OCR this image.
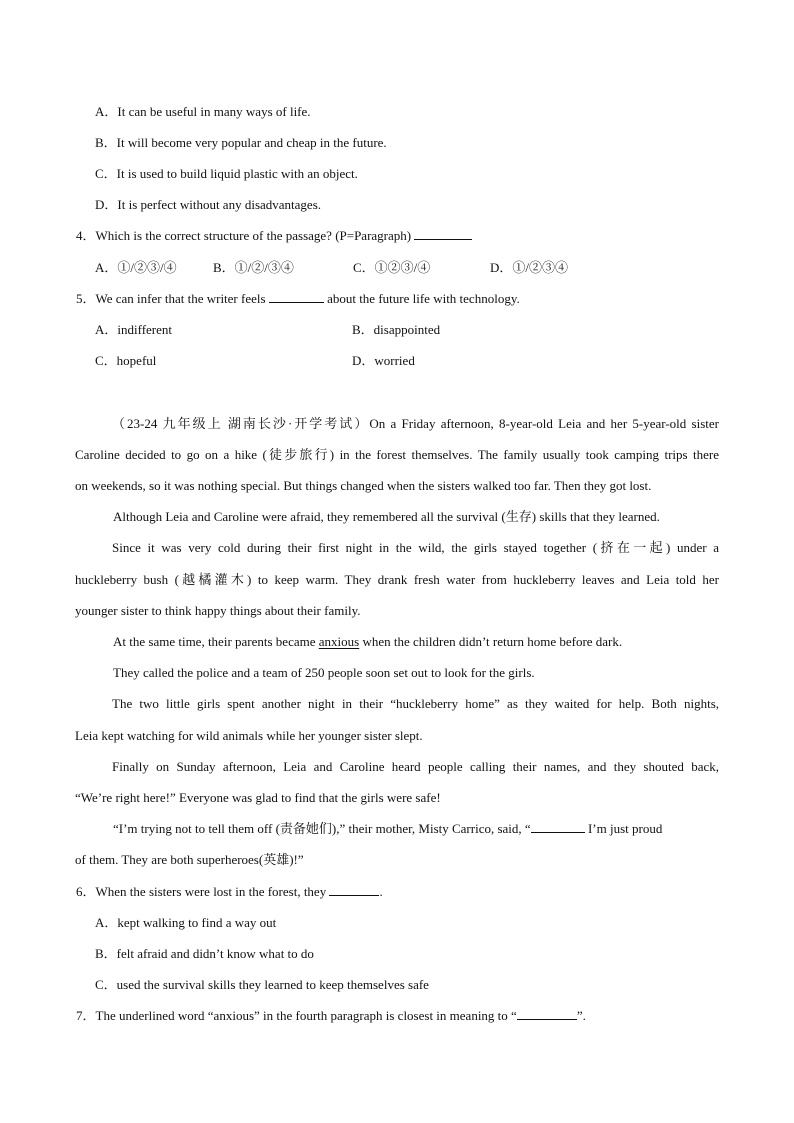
A．It can be useful in many ways of life.
B．It will become very popular and cheap in the future.
C．It is used to build liquid plastic with an object.
D．It is perfect without any disadvantages.
4．Which is the correct structure of the passage? (P=Paragraph)
A．①/②③/④	B．①/②/③④	C．①②③/④	D．①/②③④
5．We can infer that the writer feels	about the future life with technology.
A．indifferent	B．disappointed
C．hopeful	D．worried
（23-24 九年级上 湖南长沙·开学考试）On a Friday afternoon, 8-year-old Leia and her 5-year-old sister
Caroline decided to go on a hike (徒步旅行) in the forest themselves. The family usually took camping trips there
on weekends, so it was nothing special. But things changed when the sisters walked too far. Then they got lost.
Although Leia and Caroline were afraid, they remembered all the survival (生存) skills that they learned.
Since it was very cold during their first night in the wild, the girls stayed together (挤在一起) under a
huckleberry bush (越橘灌木) to keep warm. They drank fresh water from huckleberry leaves and Leia told her
younger sister to think happy things about their family.
At the same time, their parents became anxious when the children didn’t return home before dark.
They called the police and a team of 250 people soon set out to look for the girls.
The two little girls spent another night in their “huckleberry home” as they waited for help. Both nights,
Leia kept watching for wild animals while her younger sister slept.
Finally on Sunday afternoon, Leia and Caroline heard people calling their names, and they shouted back,
“We’re right here!” Everyone was glad to find that the girls were safe!
“I’m trying not to tell them off (责备她们),” their mother, Misty Carrico, said, “	I’m just proud
of them. They are both superheroes(英雄)!”
6．When the sisters were lost in the forest, they	.
A．kept walking to find a way out
B．felt afraid and didn’t know what to do
C．used the survival skills they learned to keep themselves safe
7．The underlined word “anxious” in the fourth paragraph is closest in meaning to “	”.
